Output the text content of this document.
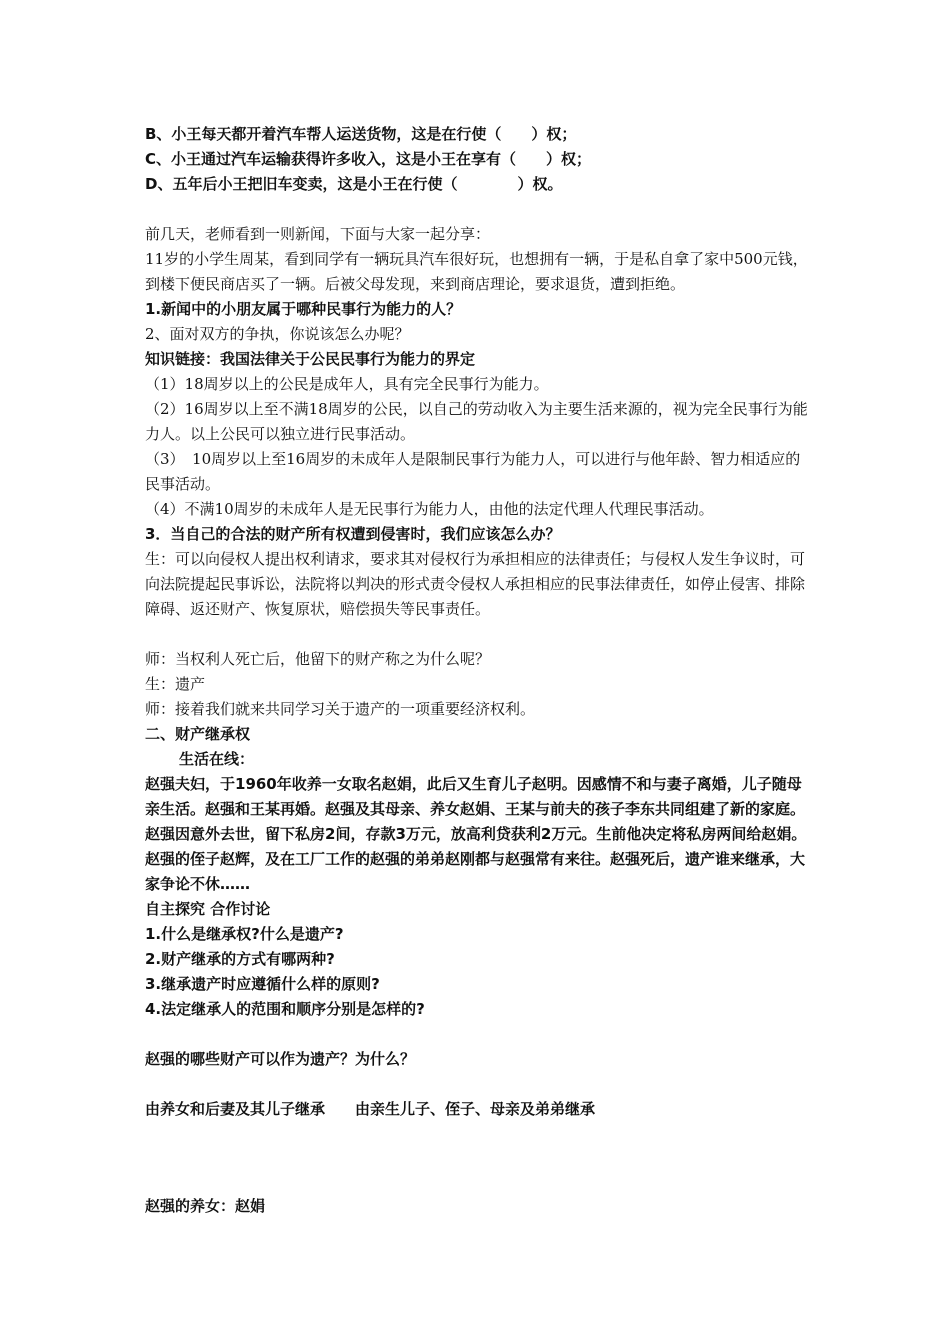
B、小王每天都开着汽车帮人运送货物，这是在行使（　　）权；
C、小王通过汽车运输获得许多收入，这是小王在享有（　　）权；
D、五年后小王把旧车变卖，这是小王在行使（　　　　）权。
前几天，老师看到一则新闻，下面与大家一起分享：
11岁的小学生周某，看到同学有一辆玩具汽车很好玩，也想拥有一辆，于是私自拿了家中500元钱，到楼下便民商店买了一辆。后被父母发现，来到商店理论，要求退货，遭到拒绝。
1.新闻中的小朋友属于哪种民事行为能力的人？
2、面对双方的争执，你说该怎么办呢？
知识链接：我国法律关于公民民事行为能力的界定
（1）18周岁以上的公民是成年人，具有完全民事行为能力。
（2）16周岁以上至不满18周岁的公民，以自己的劳动收入为主要生活来源的，视为完全民事行为能力人。以上公民可以独立进行民事活动。
（3）　10周岁以上至16周岁的未成年人是限制民事行为能力人，可以进行与他年龄、智力相适应的民事活动。
（4）不满10周岁的未成年人是无民事行为能力人，由他的法定代理人代理民事活动。
3．当自己的合法的财产所有权遭到侵害时，我们应该怎么办？
生：可以向侵权人提出权利请求，要求其对侵权行为承担相应的法律责任；与侵权人发生争议时，可向法院提起民事诉讼，法院将以判决的形式责令侵权人承担相应的民事法律责任，如停止侵害、排除障碍、返还财产、恢复原状，赔偿损失等民事责任。
师：当权利人死亡后，他留下的财产称之为什么呢？
生：遗产
师：接着我们就来共同学习关于遗产的一项重要经济权利。
二、财产继承权
生活在线：
赵强夫妇，于1960年收养一女取名赵娟，此后又生育儿子赵明。因感情不和与妻子离婚，儿子随母亲生活。赵强和王某再婚。赵强及其母亲、养女赵娟、王某与前夫的孩子李东共同组建了新的家庭。赵强因意外去世，留下私房2间，存款3万元，放高利贷获利2万元。生前他决定将私房两间给赵娟。赵强的侄子赵辉，及在工厂工作的赵强的弟弟赵刚都与赵强常有来往。赵强死后，遗产谁来继承，大家争论不休……
自主探究 合作讨论
1.什么是继承权?什么是遗产?
2.财产继承的方式有哪两种?
3.继承遗产时应遵循什么样的原则?
4.法定继承人的范围和顺序分别是怎样的?
赵强的哪些财产可以作为遗产？为什么？
由养女和后妻及其儿子继承　　由亲生儿子、侄子、母亲及弟弟继承
赵强的养女：赵娟
